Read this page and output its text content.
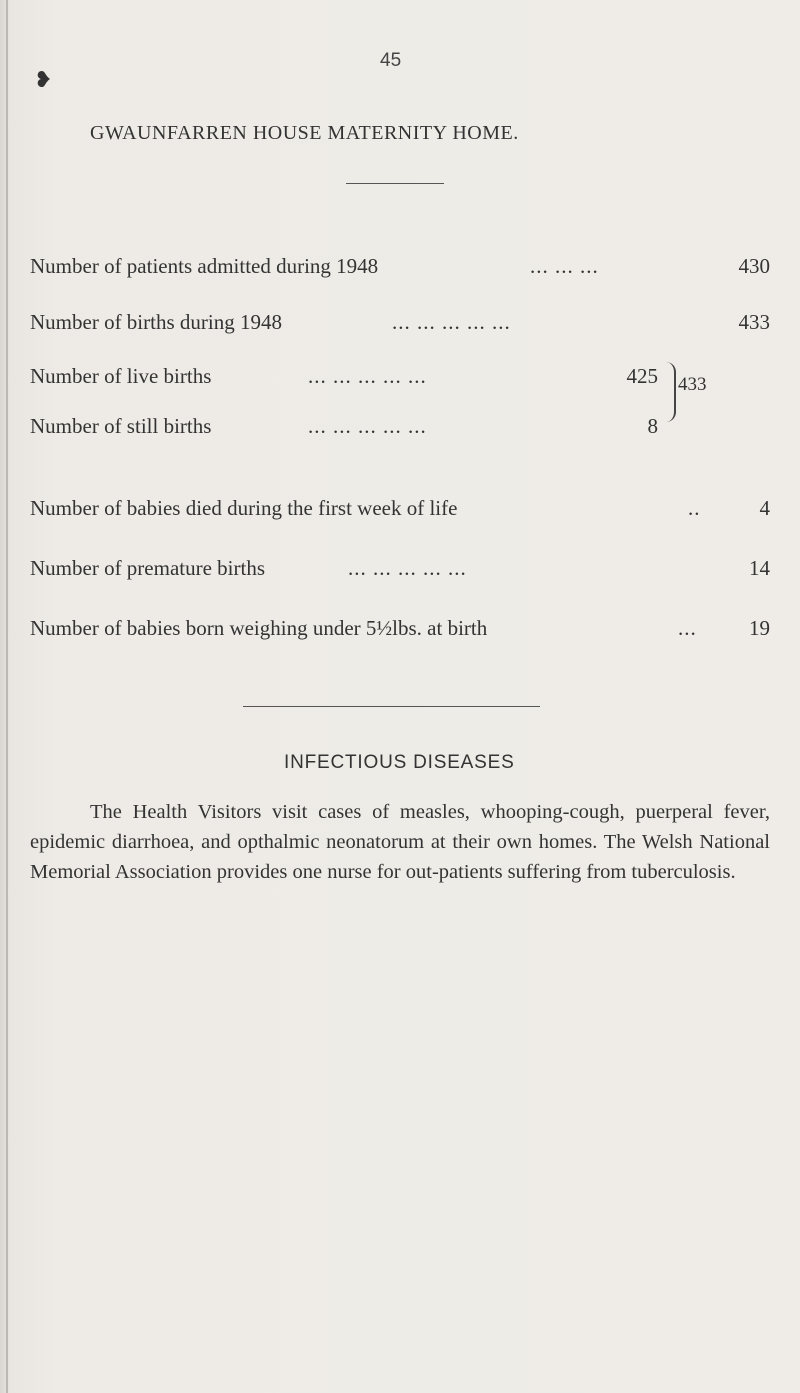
❥
45
GWAUNFARREN HOUSE MATERNITY HOME.
Number of patients admitted during 1948	... ... ...	430
Number of births during 1948	... ... ... ... ...	433
Number of live births	... ... ... ... ...	425
Number of still births	... ... ... ... ...	8
433
Number of babies died during the first week of life	..	4
Number of premature births	... ... ... ... ...	14
Number of babies born weighing under 5½lbs. at birth	... 19
INFECTIOUS DISEASES
The Health Visitors visit cases of measles, whooping-cough, puerperal fever, epidemic diarrhoea, and opthalmic neonatorum at their own homes. The Welsh National Memorial Association provides one nurse for out-patients suffering from tuberculosis.
